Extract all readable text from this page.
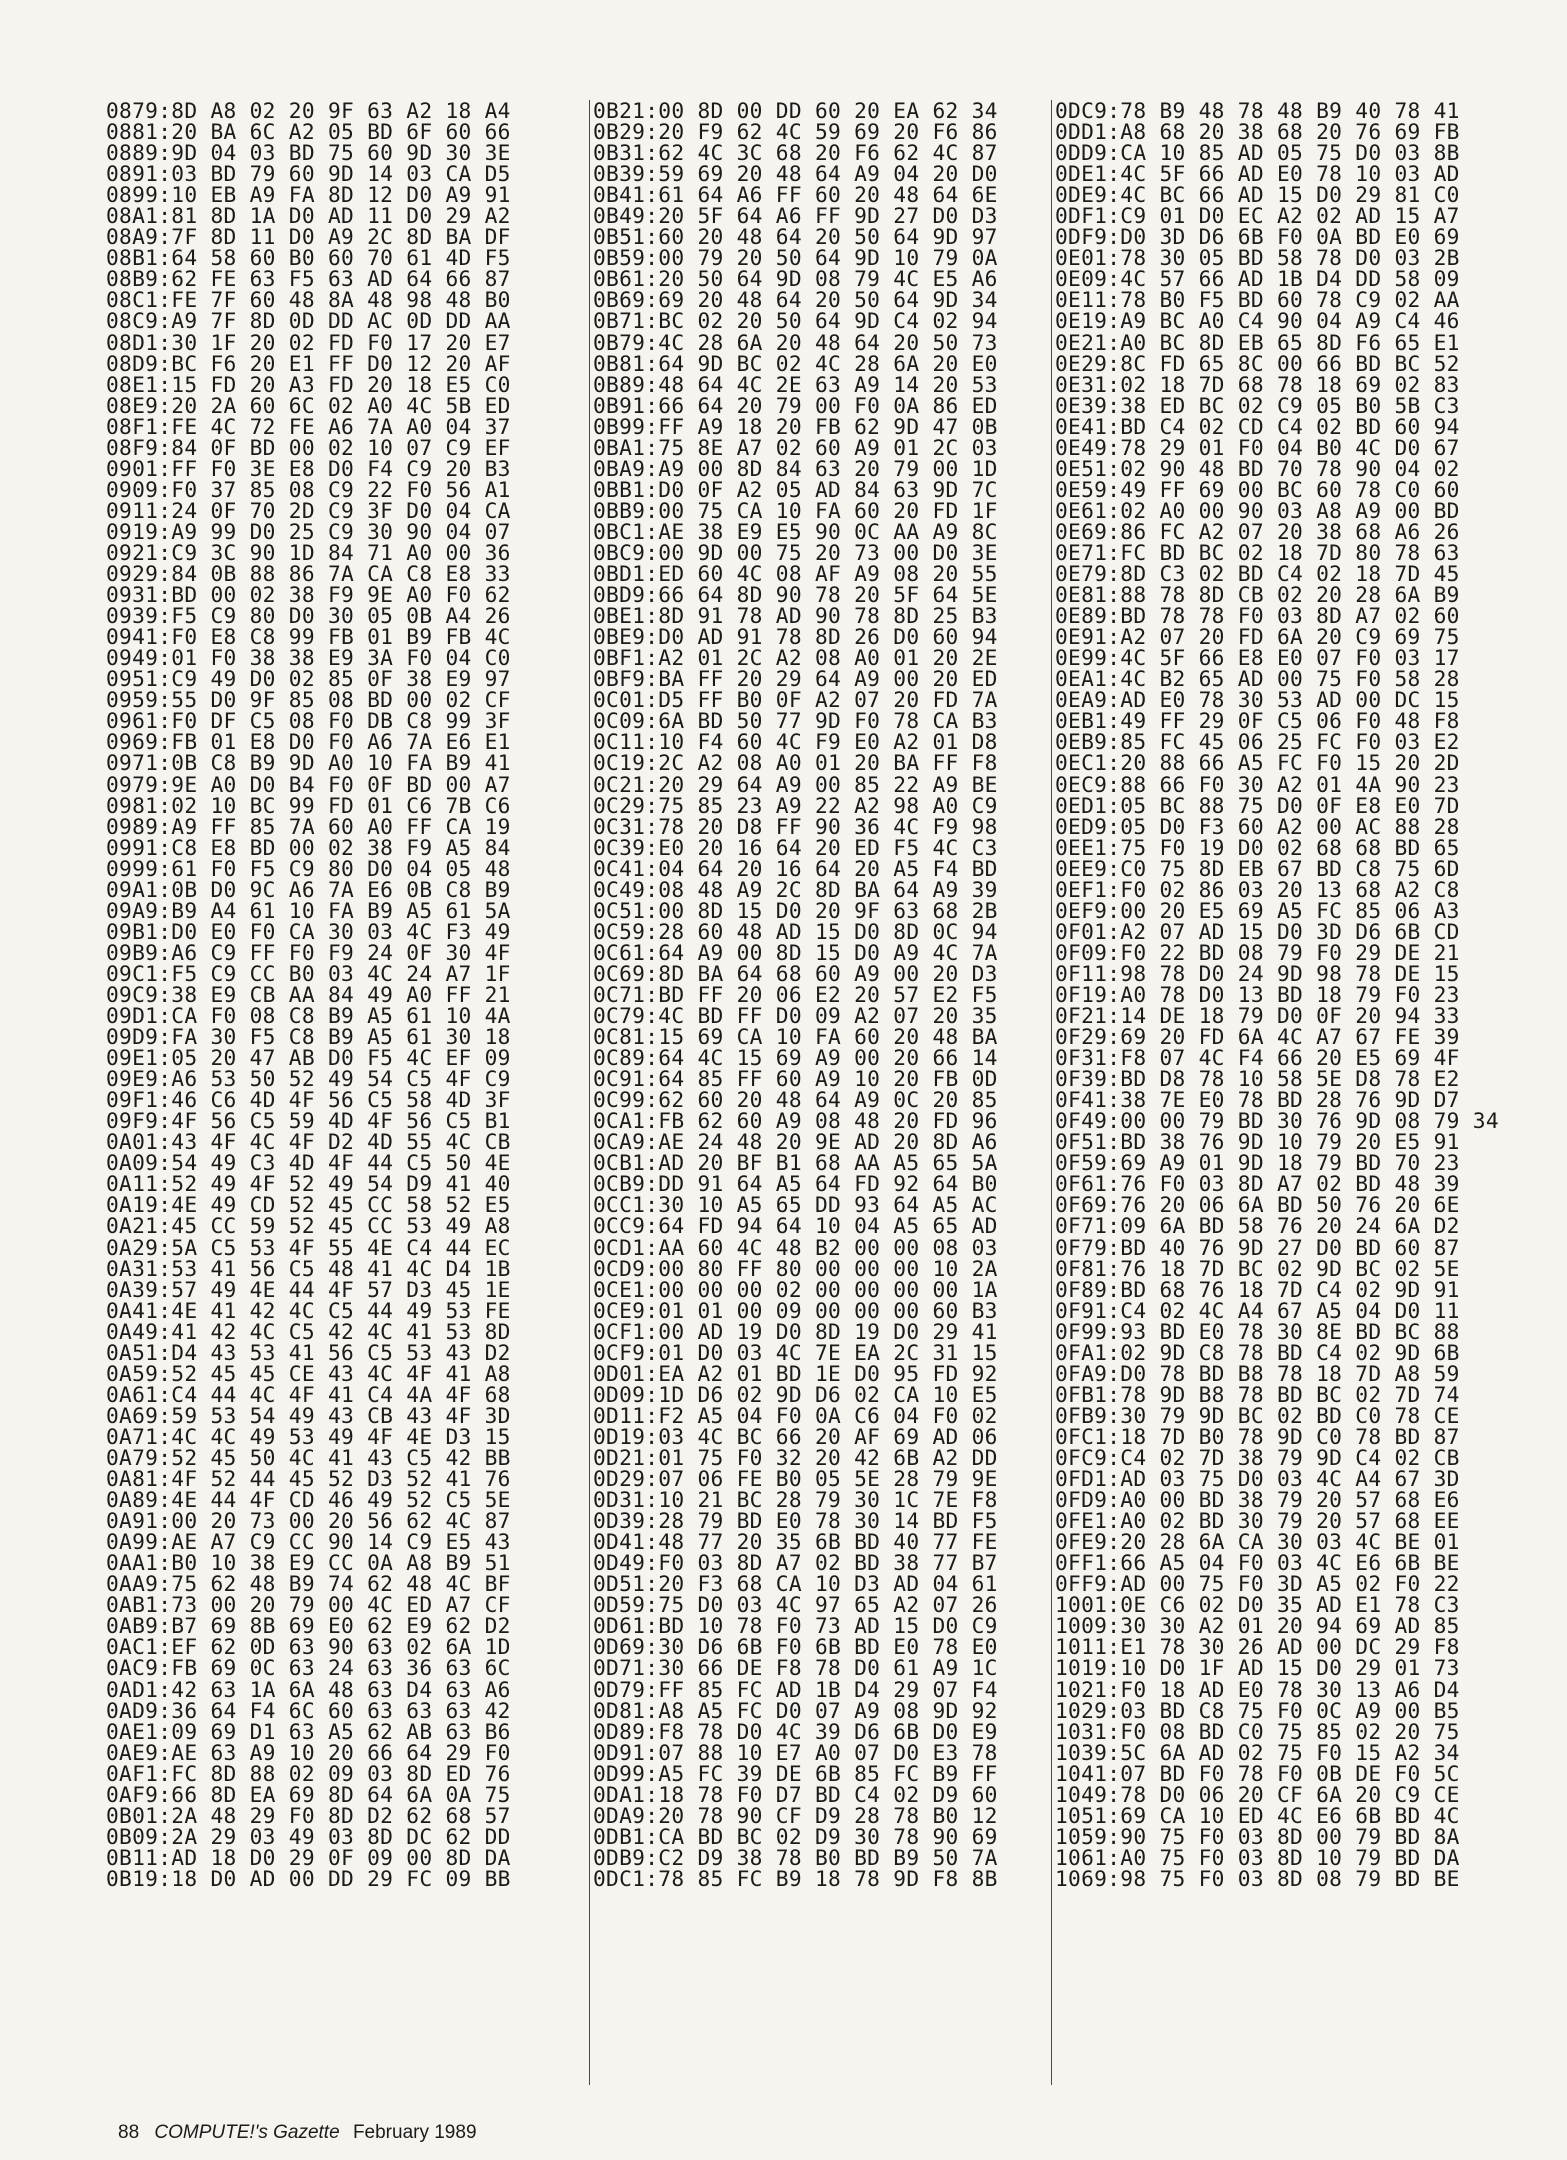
0879:8D A8 02 20 9F 63 A2 18 A4
0881:20 BA 6C A2 05 BD 6F 60 66
0889:9D 04 03 BD 75 60 9D 30 3E
0891:03 BD 79 60 9D 14 03 CA D5
0899:10 EB A9 FA 8D 12 D0 A9 91
08A1:81 8D 1A D0 AD 11 D0 29 A2
08A9:7F 8D 11 D0 A9 2C 8D BA DF
08B1:64 58 60 B0 60 70 61 4D F5
08B9:62 FE 63 F5 63 AD 64 66 87
08C1:FE 7F 60 48 8A 48 98 48 B0
08C9:A9 7F 8D 0D DD AC 0D DD AA
08D1:30 1F 20 02 FD F0 17 20 E7
08D9:BC F6 20 E1 FF D0 12 20 AF
08E1:15 FD 20 A3 FD 20 18 E5 C0
08E9:20 2A 60 6C 02 A0 4C 5B ED
08F1:FE 4C 72 FE A6 7A A0 04 37
08F9:84 0F BD 00 02 10 07 C9 EF
0901:FF F0 3E E8 D0 F4 C9 20 B3
0909:F0 37 85 08 C9 22 F0 56 A1
0911:24 0F 70 2D C9 3F D0 04 CA
0919:A9 99 D0 25 C9 30 90 04 07
0921:C9 3C 90 1D 84 71 A0 00 36
0929:84 0B 88 86 7A CA C8 E8 33
0931:BD 00 02 38 F9 9E A0 F0 62
0939:F5 C9 80 D0 30 05 0B A4 26
0941:F0 E8 C8 99 FB 01 B9 FB 4C
0949:01 F0 38 38 E9 3A F0 04 C0
0951:C9 49 D0 02 85 0F 38 E9 97
0959:55 D0 9F 85 08 BD 00 02 CF
0961:F0 DF C5 08 F0 DB C8 99 3F
0969:FB 01 E8 D0 F0 A6 7A E6 E1
0971:0B C8 B9 9D A0 10 FA B9 41
0979:9E A0 D0 B4 F0 0F BD 00 A7
0981:02 10 BC 99 FD 01 C6 7B C6
0989:A9 FF 85 7A 60 A0 FF CA 19
0991:C8 E8 BD 00 02 38 F9 A5 84
0999:61 F0 F5 C9 80 D0 04 05 48
09A1:0B D0 9C A6 7A E6 0B C8 B9
09A9:B9 A4 61 10 FA B9 A5 61 5A
09B1:D0 E0 F0 CA 30 03 4C F3 49
09B9:A6 C9 FF F0 F9 24 0F 30 4F
09C1:F5 C9 CC B0 03 4C 24 A7 1F
09C9:38 E9 CB AA 84 49 A0 FF 21
09D1:CA F0 08 C8 B9 A5 61 10 4A
09D9:FA 30 F5 C8 B9 A5 61 30 18
09E1:05 20 47 AB D0 F5 4C EF 09
09E9:A6 53 50 52 49 54 C5 4F C9
09F1:46 C6 4D 4F 56 C5 58 4D 3F
09F9:4F 56 C5 59 4D 4F 56 C5 B1
0A01:43 4F 4C 4F D2 4D 55 4C CB
0A09:54 49 C3 4D 4F 44 C5 50 4E
0A11:52 49 4F 52 49 54 D9 41 40
0A19:4E 49 CD 52 45 CC 58 52 E5
0A21:45 CC 59 52 45 CC 53 49 A8
0A29:5A C5 53 4F 55 4E C4 44 EC
0A31:53 41 56 C5 48 41 4C D4 1B
0A39:57 49 4E 44 4F 57 D3 45 1E
0A41:4E 41 42 4C C5 44 49 53 FE
0A49:41 42 4C C5 42 4C 41 53 8D
0A51:D4 43 53 41 56 C5 53 43 D2
0A59:52 45 45 CE 43 4C 4F 41 A8
0A61:C4 44 4C 4F 41 C4 4A 4F 68
0A69:59 53 54 49 43 CB 43 4F 3D
0A71:4C 4C 49 53 49 4F 4E D3 15
0A79:52 45 50 4C 41 43 C5 42 BB
0A81:4F 52 44 45 52 D3 52 41 76
0A89:4E 44 4F CD 46 49 52 C5 5E
0A91:00 20 73 00 20 56 62 4C 87
0A99:AE A7 C9 CC 90 14 C9 E5 43
0AA1:B0 10 38 E9 CC 0A A8 B9 51
0AA9:75 62 48 B9 74 62 48 4C BF
0AB1:73 00 20 79 00 4C ED A7 CF
0AB9:B7 69 8B 69 E0 62 E9 62 D2
0AC1:EF 62 0D 63 90 63 02 6A 1D
0AC9:FB 69 0C 63 24 63 36 63 6C
0AD1:42 63 1A 6A 48 63 D4 63 A6
0AD9:36 64 F4 6C 60 63 63 63 42
0AE1:09 69 D1 63 A5 62 AB 63 B6
0AE9:AE 63 A9 10 20 66 64 29 F0
0AF1:FC 8D 88 02 09 03 8D ED 76
0AF9:66 8D EA 69 8D 64 6A 0A 75
0B01:2A 48 29 F0 8D D2 62 68 57
0B09:2A 29 03 49 03 8D DC 62 DD
0B11:AD 18 D0 29 0F 09 00 8D DA
0B19:18 D0 AD 00 DD 29 FC 09 BB
0B21:00 8D 00 DD 60 20 EA 62 34
0B29:20 F9 62 4C 59 69 20 F6 86
0B31:62 4C 3C 68 20 F6 62 4C 87
0B39:59 69 20 48 64 A9 04 20 D0
0B41:61 64 A6 FF 60 20 48 64 6E
0B49:20 5F 64 A6 FF 9D 27 D0 D3
0B51:60 20 48 64 20 50 64 9D 97
0B59:00 79 20 50 64 9D 10 79 0A
0B61:20 50 64 9D 08 79 4C E5 A6
0B69:69 20 48 64 20 50 64 9D 34
0B71:BC 02 20 50 64 9D C4 02 94
0B79:4C 28 6A 20 48 64 20 50 73
0B81:64 9D BC 02 4C 28 6A 20 E0
0B89:48 64 4C 2E 63 A9 14 20 53
0B91:66 64 20 79 00 F0 0A 86 ED
0B99:FF A9 18 20 FB 62 9D 47 0B
0BA1:75 8E A7 02 60 A9 01 2C 03
0BA9:A9 00 8D 84 63 20 79 00 1D
0BB1:D0 0F A2 05 AD 84 63 9D 7C
0BB9:00 75 CA 10 FA 60 20 FD 1F
0BC1:AE 38 E9 E5 90 0C AA A9 8C
0BC9:00 9D 00 75 20 73 00 D0 3E
0BD1:ED 60 4C 08 AF A9 08 20 55
0BD9:66 64 8D 90 78 20 5F 64 5E
0BE1:8D 91 78 AD 90 78 8D 25 B3
0BE9:D0 AD 91 78 8D 26 D0 60 94
0BF1:A2 01 2C A2 08 A0 01 20 2E
0BF9:BA FF 20 29 64 A9 00 20 ED
0C01:D5 FF B0 0F A2 07 20 FD 7A
0C09:6A BD 50 77 9D F0 78 CA B3
0C11:10 F4 60 4C F9 E0 A2 01 D8
0C19:2C A2 08 A0 01 20 BA FF F8
0C21:20 29 64 A9 00 85 22 A9 BE
0C29:75 85 23 A9 22 A2 98 A0 C9
0C31:78 20 D8 FF 90 36 4C F9 98
0C39:E0 20 16 64 20 ED F5 4C C3
0C41:04 64 20 16 64 20 A5 F4 BD
0C49:08 48 A9 2C 8D BA 64 A9 39
0C51:00 8D 15 D0 20 9F 63 68 2B
0C59:28 60 48 AD 15 D0 8D 0C 94
0C61:64 A9 00 8D 15 D0 A9 4C 7A
0C69:8D BA 64 68 60 A9 00 20 D3
0C71:BD FF 20 06 E2 20 57 E2 F5
0C79:4C BD FF D0 09 A2 07 20 35
0C81:15 69 CA 10 FA 60 20 48 BA
0C89:64 4C 15 69 A9 00 20 66 14
0C91:64 85 FF 60 A9 10 20 FB 0D
0C99:62 60 20 48 64 A9 0C 20 85
0CA1:FB 62 60 A9 08 48 20 FD 96
0CA9:AE 24 48 20 9E AD 20 8D A6
0CB1:AD 20 BF B1 68 AA A5 65 5A
0CB9:DD 91 64 A5 64 FD 92 64 B0
0CC1:30 10 A5 65 DD 93 64 A5 AC
0CC9:64 FD 94 64 10 04 A5 65 AD
0CD1:AA 60 4C 48 B2 00 00 08 03
0CD9:00 80 FF 80 00 00 00 10 2A
0CE1:00 00 00 02 00 00 00 00 1A
0CE9:01 01 00 09 00 00 00 60 B3
0CF1:00 AD 19 D0 8D 19 D0 29 41
0CF9:01 D0 03 4C 7E EA 2C 31 15
0D01:EA A2 01 BD 1E D0 95 FD 92
0D09:1D D6 02 9D D6 02 CA 10 E5
0D11:F2 A5 04 F0 0A C6 04 F0 02
0D19:03 4C BC 66 20 AF 69 AD 06
0D21:01 75 F0 32 20 42 6B A2 DD
0D29:07 06 FE B0 05 5E 28 79 9E
0D31:10 21 BC 28 79 30 1C 7E F8
0D39:28 79 BD E0 78 30 14 BD F5
0D41:48 77 20 35 6B BD 40 77 FE
0D49:F0 03 8D A7 02 BD 38 77 B7
0D51:20 F3 68 CA 10 D3 AD 04 61
0D59:75 D0 03 4C 97 65 A2 07 26
0D61:BD 10 78 F0 73 AD 15 D0 C9
0D69:30 D6 6B F0 6B BD E0 78 E0
0D71:30 66 DE F8 78 D0 61 A9 1C
0D79:FF 85 FC AD 1B D4 29 07 F4
0D81:A8 A5 FC D0 07 A9 08 9D 92
0D89:F8 78 D0 4C 39 D6 6B D0 E9
0D91:07 88 10 E7 A0 07 D0 E3 78
0D99:A5 FC 39 DE 6B 85 FC B9 FF
0DA1:18 78 F0 D7 BD C4 02 D9 60
0DA9:20 78 90 CF D9 28 78 B0 12
0DB1:CA BD BC 02 D9 30 78 90 69
0DB9:C2 D9 38 78 B0 BD B9 50 7A
0DC1:78 85 FC B9 18 78 9D F8 8B
0DC9:78 B9 48 78 48 B9 40 78 41
0DD1:A8 68 20 38 68 20 76 69 FB
0DD9:CA 10 85 AD 05 75 D0 03 8B
0DE1:4C 5F 66 AD E0 78 10 03 AD
0DE9:4C BC 66 AD 15 D0 29 81 C0
0DF1:C9 01 D0 EC A2 02 AD 15 A7
0DF9:D0 3D D6 6B F0 0A BD E0 69
0E01:78 30 05 BD 58 78 D0 03 2B
0E09:4C 57 66 AD 1B D4 DD 58 09
0E11:78 B0 F5 BD 60 78 C9 02 AA
0E19:A9 BC A0 C4 90 04 A9 C4 46
0E21:A0 BC 8D EB 65 8D F6 65 E1
0E29:8C FD 65 8C 00 66 BD BC 52
0E31:02 18 7D 68 78 18 69 02 83
0E39:38 ED BC 02 C9 05 B0 5B C3
0E41:BD C4 02 CD C4 02 BD 60 94
0E49:78 29 01 F0 04 B0 4C D0 67
0E51:02 90 48 BD 70 78 90 04 02
0E59:49 FF 69 00 BC 60 78 C0 60
0E61:02 A0 00 90 03 A8 A9 00 BD
0E69:86 FC A2 07 20 38 68 A6 26
0E71:FC BD BC 02 18 7D 80 78 63
0E79:8D C3 02 BD C4 02 18 7D 45
0E81:88 78 8D CB 02 20 28 6A B9
0E89:BD 78 78 F0 03 8D A7 02 60
0E91:A2 07 20 FD 6A 20 C9 69 75
0E99:4C 5F 66 E8 E0 07 F0 03 17
0EA1:4C B2 65 AD 00 75 F0 58 28
0EA9:AD E0 78 30 53 AD 00 DC 15
0EB1:49 FF 29 0F C5 06 F0 48 F8
0EB9:85 FC 45 06 25 FC F0 03 E2
0EC1:20 88 66 A5 FC F0 15 20 2D
0EC9:88 66 F0 30 A2 01 4A 90 23
0ED1:05 BC 88 75 D0 0F E8 E0 7D
0ED9:05 D0 F3 60 A2 00 AC 88 28
0EE1:75 F0 19 D0 02 68 68 BD 65
0EE9:C0 75 8D EB 67 BD C8 75 6D
0EF1:F0 02 86 03 20 13 68 A2 C8
0EF9:00 20 E5 69 A5 FC 85 06 A3
0F01:A2 07 AD 15 D0 3D D6 6B CD
0F09:F0 22 BD 08 79 F0 29 DE 21
0F11:98 78 D0 24 9D 98 78 DE 15
0F19:A0 78 D0 13 BD 18 79 F0 23
0F21:14 DE 18 79 D0 0F 20 94 33
0F29:69 20 FD 6A 4C A7 67 FE 39
0F31:F8 07 4C F4 66 20 E5 69 4F
0F39:BD D8 78 10 58 5E D8 78 E2
0F41:38 7E E0 78 BD 28 76 9D D7
0F49:00 00 79 BD 30 76 9D 08 79 34
0F51:BD 38 76 9D 10 79 20 E5 91
0F59:69 A9 01 9D 18 79 BD 70 23
0F61:76 F0 03 8D A7 02 BD 48 39
0F69:76 20 06 6A BD 50 76 20 6E
0F71:09 6A BD 58 76 20 24 6A D2
0F79:BD 40 76 9D 27 D0 BD 60 87
0F81:76 18 7D BC 02 9D BC 02 5E
0F89:BD 68 76 18 7D C4 02 9D 91
0F91:C4 02 4C A4 67 A5 04 D0 11
0F99:93 BD E0 78 30 8E BD BC 88
0FA1:02 9D C8 78 BD C4 02 9D 6B
0FA9:D0 78 BD B8 78 18 7D A8 59
0FB1:78 9D B8 78 BD BC 02 7D 74
0FB9:30 79 9D BC 02 BD C0 78 CE
0FC1:18 7D B0 78 9D C0 78 BD 87
0FC9:C4 02 7D 38 79 9D C4 02 CB
0FD1:AD 03 75 D0 03 4C A4 67 3D
0FD9:A0 00 BD 38 79 20 57 68 E6
0FE1:A0 02 BD 30 79 20 57 68 EE
0FE9:20 28 6A CA 30 03 4C BE 01
0FF1:66 A5 04 F0 03 4C E6 6B BE
0FF9:AD 00 75 F0 3D A5 02 F0 22
1001:0E C6 02 D0 35 AD E1 78 C3
1009:30 30 A2 01 20 94 69 AD 85
1011:E1 78 30 26 AD 00 DC 29 F8
1019:10 D0 1F AD 15 D0 29 01 73
1021:F0 18 AD E0 78 30 13 A6 D4
1029:03 BD C8 75 F0 0C A9 00 B5
1031:F0 08 BD C0 75 85 02 20 75
1039:5C 6A AD 02 75 F0 15 A2 34
1041:07 BD F0 78 F0 0B DE F0 5C
1049:78 D0 06 20 CF 6A 20 C9 CE
1051:69 CA 10 ED 4C E6 6B BD 4C
1059:90 75 F0 03 8D 00 79 BD 8A
1061:A0 75 F0 03 8D 10 79 BD DA
1069:98 75 F0 03 8D 08 79 BD BE
88 COMPUTE!'s Gazette February 1989
